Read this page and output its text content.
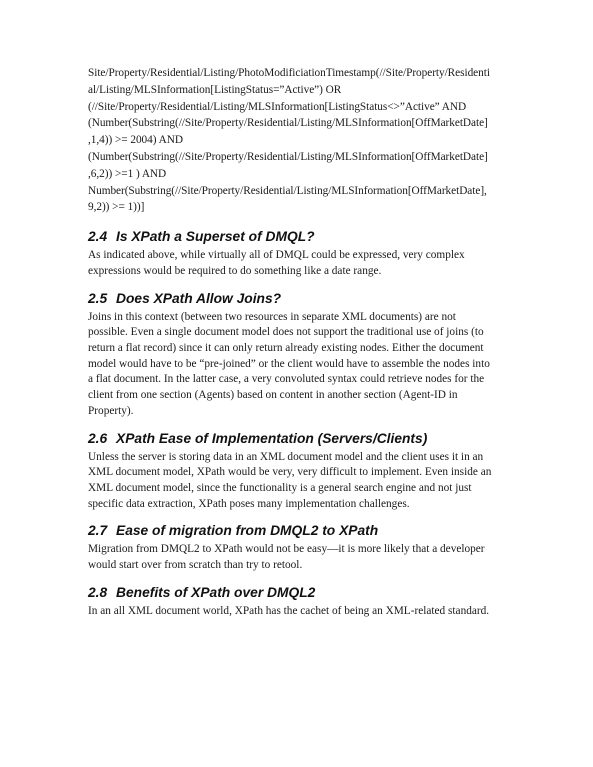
Site/Property/Residential/Listing/PhotoModificiationTimestamp(//Site/Property/Residenti

al/Listing/MLSInformation[ListingStatus=”Active”) OR

(//Site/Property/Residential/Listing/MLSInformation[ListingStatus<>”Active” AND

(Number(Substring(//Site/Property/Residential/Listing/MLSInformation[OffMarketDate]

,1,4)) >= 2004) AND

(Number(Substring(//Site/Property/Residential/Listing/MLSInformation[OffMarketDate]

,6,2)) >=1 ) AND

Number(Substring(//Site/Property/Residential/Listing/MLSInformation[OffMarketDate],

9,2)) >= 1))]

2.4 Is XPath a Superset of DMQL?

As indicated above, while virtually all of DMQL could be expressed, very complex
expressions would be required to do something like a date range.

2.5 Does XPath Allow Joins?

Joins in this context (between two resources in separate XML documents) are not
possible. Even a single document model does not support the traditional use of joins (to
return a flat record) since it can only return already existing nodes. Either the document
model would have to be “pre-joined” or the client would have to assemble the nodes into
a flat document. In the latter case, a very convoluted syntax could retrieve nodes for the
client from one section (Agents) based on content in another section (Agent-ID in
Property).

2.6 XPath Ease of Implementation (Servers/Clients)

Unless the server is storing data in an XML document model and the client uses it in an
XML document model, XPath would be very, very difficult to implement. Even inside an
XML document model, since the functionality is a general search engine and not just
specific data extraction, XPath poses many implementation challenges.

2.7 Ease of migration from DMQL2 to XPath

Migration from DMQL2 to XPath would not be easy—it is more likely that a developer
would start over from scratch than try to retool.

2.8 Benefits of XPath over DMQL2

In an all XML document world, XPath has the cachet of being an XML-related standard.
